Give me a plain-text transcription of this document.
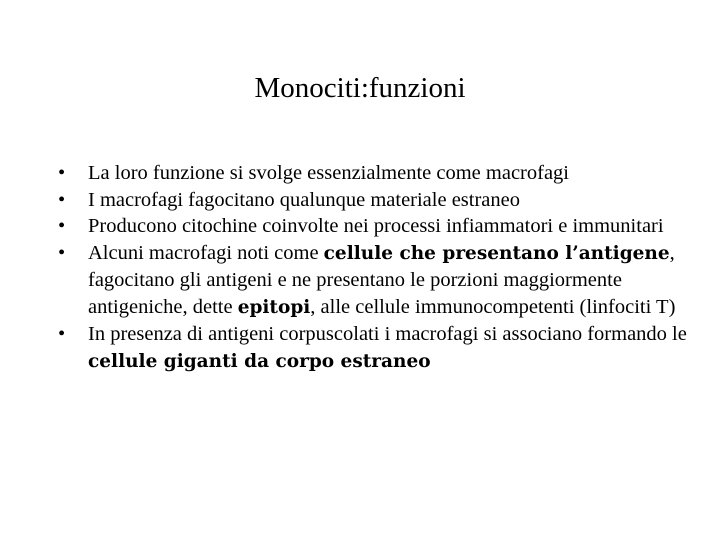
Monociti:funzioni
• La loro funzione si svolge essenzialmente come macrofagi
• I macrofagi fagocitano qualunque materiale estraneo
• Producono citochine coinvolte nei processi infiammatori e immunitari
• Alcuni macrofagi noti come cellule che presentano l’antigene, fagocitano gli antigeni e ne presentano le porzioni maggiormente antigeniche, dette epitopi, alle cellule immunocompetenti (linfociti T)
• In presenza di antigeni corpuscolati i macrofagi si associano formando le cellule giganti da corpo estraneo
